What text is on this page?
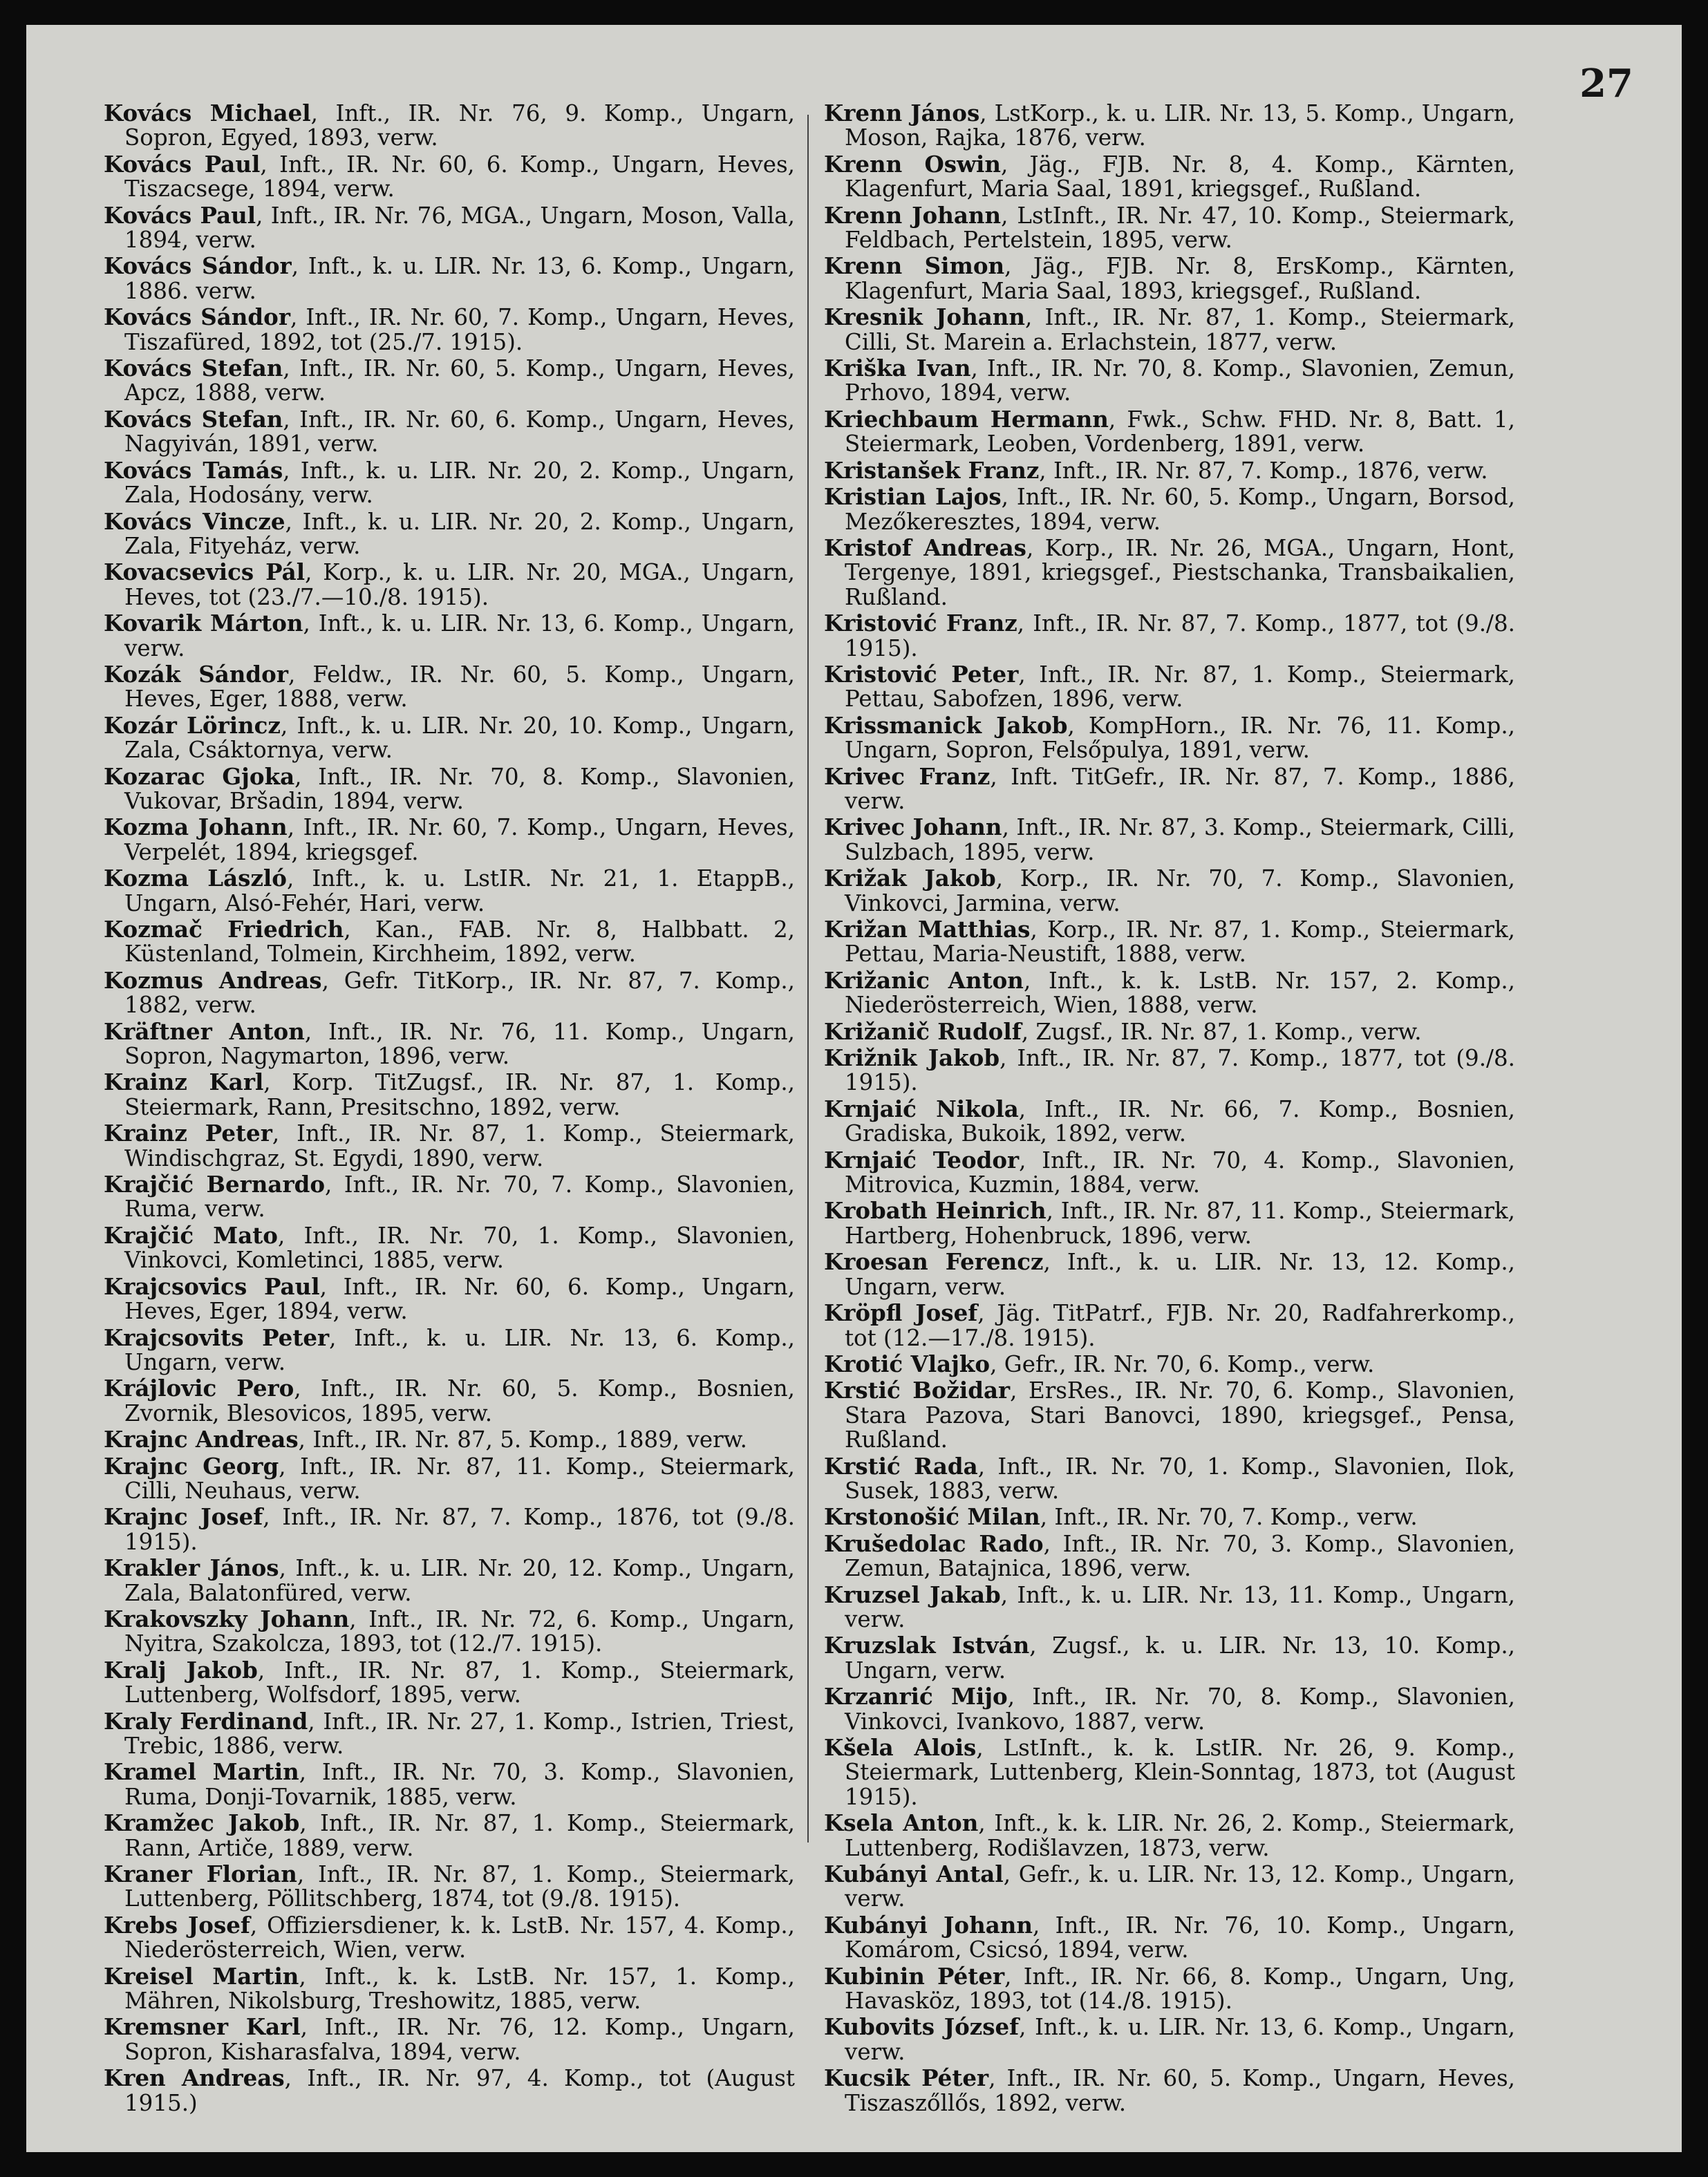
27

Kovács Michael, Inft., IR. Nr. 76, 9. Komp., Ungarn, Sopron, Egyed, 1893, verw.

Kovács Paul, Inft., IR. Nr. 60, 6. Komp., Ungarn, Heves, Tiszacsege, 1894, verw.

Kovács Paul, Inft., IR. Nr. 76, MGA., Ungarn, Moson, Valla, 1894, verw.

Kovács Sándor, Inft., k. u. LIR. Nr. 13, 6. Komp., Ungarn, 1886. verw.

Kovács Sándor, Inft., IR. Nr. 60, 7. Komp., Ungarn, Heves, Tiszafüred, 1892, tot (25./7. 1915).

Kovács Stefan, Inft., IR. Nr. 60, 5. Komp., Ungarn, Heves, Apcz, 1888, verw.

Kovács Stefan, Inft., IR. Nr. 60, 6. Komp., Ungarn, Heves, Nagyiván, 1891, verw.

Kovács Tamás, Inft., k. u. LIR. Nr. 20, 2. Komp., Ungarn, Zala, Hodosány, verw.

Kovács Vincze, Inft., k. u. LIR. Nr. 20, 2. Komp., Ungarn, Zala, Fityeház, verw.

Kovacsevics Pál, Korp., k. u. LIR. Nr. 20, MGA., Ungarn, Heves, tot (23./7.—10./8. 1915).

Kovarik Márton, Inft., k. u. LIR. Nr. 13, 6. Komp., Ungarn, verw.

Kozák Sándor, Feldw., IR. Nr. 60, 5. Komp., Ungarn, Heves, Eger, 1888, verw.

Kozár Lörincz, Inft., k. u. LIR. Nr. 20, 10. Komp., Ungarn, Zala, Csáktornya, verw.

Kozarac Gjoka, Inft., IR. Nr. 70, 8. Komp., Slavonien, Vukovar, Bršadin, 1894, verw.

Kozma Johann, Inft., IR. Nr. 60, 7. Komp., Ungarn, Heves, Verpelét, 1894, kriegsgef.

Kozma László, Inft., k. u. LstIR. Nr. 21, 1. EtappB., Ungarn, Alsó-Fehér, Hari, verw.

Kozmač Friedrich, Kan., FAB. Nr. 8, Halbbatt. 2, Küstenland, Tolmein, Kirchheim, 1892, verw.

Kozmus Andreas, Gefr. TitKorp., IR. Nr. 87, 7. Komp., 1882, verw.

Kräftner Anton, Inft., IR. Nr. 76, 11. Komp., Ungarn, Sopron, Nagymarton, 1896, verw.

Krainz Karl, Korp. TitZugsf., IR. Nr. 87, 1. Komp., Steiermark, Rann, Presitschno, 1892, verw.

Krainz Peter, Inft., IR. Nr. 87, 1. Komp., Steiermark, Windischgraz, St. Egydi, 1890, verw.

Krajčić Bernardo, Inft., IR. Nr. 70, 7. Komp., Slavonien, Ruma, verw.

Krajčić Mato, Inft., IR. Nr. 70, 1. Komp., Slavonien, Vinkovci, Komletinci, 1885, verw.

Krajcsovics Paul, Inft., IR. Nr. 60, 6. Komp., Ungarn, Heves, Eger, 1894, verw.

Krajcsovits Peter, Inft., k. u. LIR. Nr. 13, 6. Komp., Ungarn, verw.

Krájlovic Pero, Inft., IR. Nr. 60, 5. Komp., Bosnien, Zvornik, Blesovicos, 1895, verw.

Krajnc Andreas, Inft., IR. Nr. 87, 5. Komp., 1889, verw.

Krajnc Georg, Inft., IR. Nr. 87, 11. Komp., Steiermark, Cilli, Neuhaus, verw.

Krajnc Josef, Inft., IR. Nr. 87, 7. Komp., 1876, tot (9./8. 1915).

Krakler János, Inft., k. u. LIR. Nr. 20, 12. Komp., Ungarn, Zala, Balatonfüred, verw.

Krakovszky Johann, Inft., IR. Nr. 72, 6. Komp., Ungarn, Nyitra, Szakolcza, 1893, tot (12./7. 1915).

Kralj Jakob, Inft., IR. Nr. 87, 1. Komp., Steiermark, Luttenberg, Wolfsdorf, 1895, verw.

Kraly Ferdinand, Inft., IR. Nr. 27, 1. Komp., Istrien, Triest, Trebic, 1886, verw.

Kramel Martin, Inft., IR. Nr. 70, 3. Komp., Slavonien, Ruma, Donji-Tovarnik, 1885, verw.

Kramžec Jakob, Inft., IR. Nr. 87, 1. Komp., Steiermark, Rann, Artiče, 1889, verw.

Kraner Florian, Inft., IR. Nr. 87, 1. Komp., Steiermark, Luttenberg, Pöllitschberg, 1874, tot (9./8. 1915).

Krebs Josef, Offiziersdiener, k. k. LstB. Nr. 157, 4. Komp., Niederösterreich, Wien, verw.

Kreisel Martin, Inft., k. k. LstB. Nr. 157, 1. Komp., Mähren, Nikolsburg, Treshowitz, 1885, verw.

Kremsner Karl, Inft., IR. Nr. 76, 12. Komp., Ungarn, Sopron, Kisharasfalva, 1894, verw.

Kren Andreas, Inft., IR. Nr. 97, 4. Komp., tot (August 1915.)

Krenn János, LstKorp., k. u. LIR. Nr. 13, 5. Komp., Ungarn, Moson, Rajka, 1876, verw.

Krenn Oswin, Jäg., FJB. Nr. 8, 4. Komp., Kärnten, Klagenfurt, Maria Saal, 1891, kriegsgef., Rußland.

Krenn Johann, LstInft., IR. Nr. 47, 10. Komp., Steiermark, Feldbach, Pertelstein, 1895, verw.

Krenn Simon, Jäg., FJB. Nr. 8, ErsKomp., Kärnten, Klagenfurt, Maria Saal, 1893, kriegsgef., Rußland.

Kresnik Johann, Inft., IR. Nr. 87, 1. Komp., Steiermark, Cilli, St. Marein a. Erlachstein, 1877, verw.

Kriška Ivan, Inft., IR. Nr. 70, 8. Komp., Slavonien, Zemun, Prhovo, 1894, verw.

Kriechbaum Hermann, Fwk., Schw. FHD. Nr. 8, Batt. 1, Steiermark, Leoben, Vordenberg, 1891, verw.

Kristanšek Franz, Inft., IR. Nr. 87, 7. Komp., 1876, verw.

Kristian Lajos, Inft., IR. Nr. 60, 5. Komp., Ungarn, Borsod, Mezőkeresztes, 1894, verw.

Kristof Andreas, Korp., IR. Nr. 26, MGA., Ungarn, Hont, Tergenye, 1891, kriegsgef., Piestschanka, Transbaikalien, Rußland.

Kristović Franz, Inft., IR. Nr. 87, 7. Komp., 1877, tot (9./8. 1915).

Kristović Peter, Inft., IR. Nr. 87, 1. Komp., Steiermark, Pettau, Sabofzen, 1896, verw.

Krissmanick Jakob, KompHorn., IR. Nr. 76, 11. Komp., Ungarn, Sopron, Felsőpulya, 1891, verw.

Krivec Franz, Inft. TitGefr., IR. Nr. 87, 7. Komp., 1886, verw.

Krivec Johann, Inft., IR. Nr. 87, 3. Komp., Steiermark, Cilli, Sulzbach, 1895, verw.

Križak Jakob, Korp., IR. Nr. 70, 7. Komp., Slavonien, Vinkovci, Jarmina, verw.

Križan Matthias, Korp., IR. Nr. 87, 1. Komp., Steiermark, Pettau, Maria-Neustift, 1888, verw.

Križanic Anton, Inft., k. k. LstB. Nr. 157, 2. Komp., Niederösterreich, Wien, 1888, verw.

Križanič Rudolf, Zugsf., IR. Nr. 87, 1. Komp., verw.

Križnik Jakob, Inft., IR. Nr. 87, 7. Komp., 1877, tot (9./8. 1915).

Krnjaić Nikola, Inft., IR. Nr. 66, 7. Komp., Bosnien, Gradiska, Bukoik, 1892, verw.

Krnjaić Teodor, Inft., IR. Nr. 70, 4. Komp., Slavonien, Mitrovica, Kuzmin, 1884, verw.

Krobath Heinrich, Inft., IR. Nr. 87, 11. Komp., Steiermark, Hartberg, Hohenbruck, 1896, verw.

Kroesan Ferencz, Inft., k. u. LIR. Nr. 13, 12. Komp., Ungarn, verw.

Kröpfl Josef, Jäg. TitPatrf., FJB. Nr. 20, Radfahrerkomp., tot (12.—17./8. 1915).

Krotić Vlajko, Gefr., IR. Nr. 70, 6. Komp., verw.

Krstić Božidar, ErsRes., IR. Nr. 70, 6. Komp., Slavonien, Stara Pazova, Stari Banovci, 1890, kriegsgef., Pensa, Rußland.

Krstić Rada, Inft., IR. Nr. 70, 1. Komp., Slavonien, Ilok, Susek, 1883, verw.

Krstonošić Milan, Inft., IR. Nr. 70, 7. Komp., verw.

Krušedolac Rado, Inft., IR. Nr. 70, 3. Komp., Slavonien, Zemun, Batajnica, 1896, verw.

Kruzsel Jakab, Inft., k. u. LIR. Nr. 13, 11. Komp., Ungarn, verw.

Kruzslak István, Zugsf., k. u. LIR. Nr. 13, 10. Komp., Ungarn, verw.

Krzanrić Mijo, Inft., IR. Nr. 70, 8. Komp., Slavonien, Vinkovci, Ivankovo, 1887, verw.

Kšela Alois, LstInft., k. k. LstIR. Nr. 26, 9. Komp., Steiermark, Luttenberg, Klein-Sonntag, 1873, tot (August 1915).

Ksela Anton, Inft., k. k. LIR. Nr. 26, 2. Komp., Steiermark, Luttenberg, Rodišlavzen, 1873, verw.

Kubányi Antal, Gefr., k. u. LIR. Nr. 13, 12. Komp., Ungarn, verw.

Kubányi Johann, Inft., IR. Nr. 76, 10. Komp., Ungarn, Komárom, Csicsó, 1894, verw.

Kubinin Péter, Inft., IR. Nr. 66, 8. Komp., Ungarn, Ung, Havasköz, 1893, tot (14./8. 1915).

Kubovits József, Inft., k. u. LIR. Nr. 13, 6. Komp., Ungarn, verw.

Kucsik Péter, Inft., IR. Nr. 60, 5. Komp., Ungarn, Heves, Tiszaszőllős, 1892, verw.
